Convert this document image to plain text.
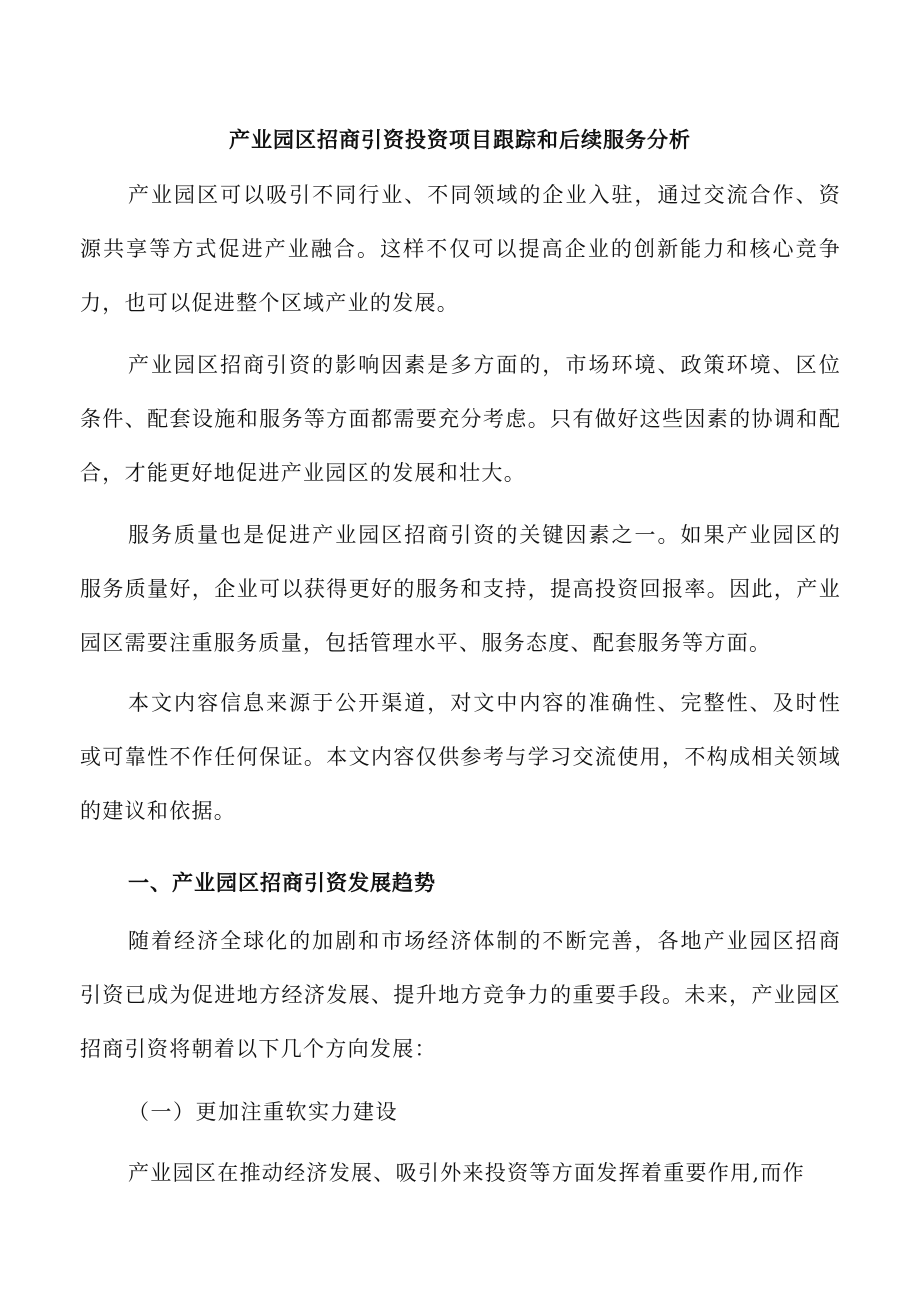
产业园区招商引资投资项目跟踪和后续服务分析

产业园区可以吸引不同行业、不同领域的企业入驻，通过交流合作、资源共享等方式促进产业融合。这样不仅可以提高企业的创新能力和核心竞争力，也可以促进整个区域产业的发展。

产业园区招商引资的影响因素是多方面的，市场环境、政策环境、区位条件、配套设施和服务等方面都需要充分考虑。只有做好这些因素的协调和配合，才能更好地促进产业园区的发展和壮大。

服务质量也是促进产业园区招商引资的关键因素之一。如果产业园区的服务质量好，企业可以获得更好的服务和支持，提高投资回报率。因此，产业园区需要注重服务质量，包括管理水平、服务态度、配套服务等方面。

本文内容信息来源于公开渠道，对文中内容的准确性、完整性、及时性或可靠性不作任何保证。本文内容仅供参考与学习交流使用，不构成相关领域的建议和依据。

一、产业园区招商引资发展趋势

随着经济全球化的加剧和市场经济体制的不断完善，各地产业园区招商引资已成为促进地方经济发展、提升地方竞争力的重要手段。未来，产业园区招商引资将朝着以下几个方向发展：

（一）更加注重软实力建设

产业园区在推动经济发展、吸引外来投资等方面发挥着重要作用,而作
